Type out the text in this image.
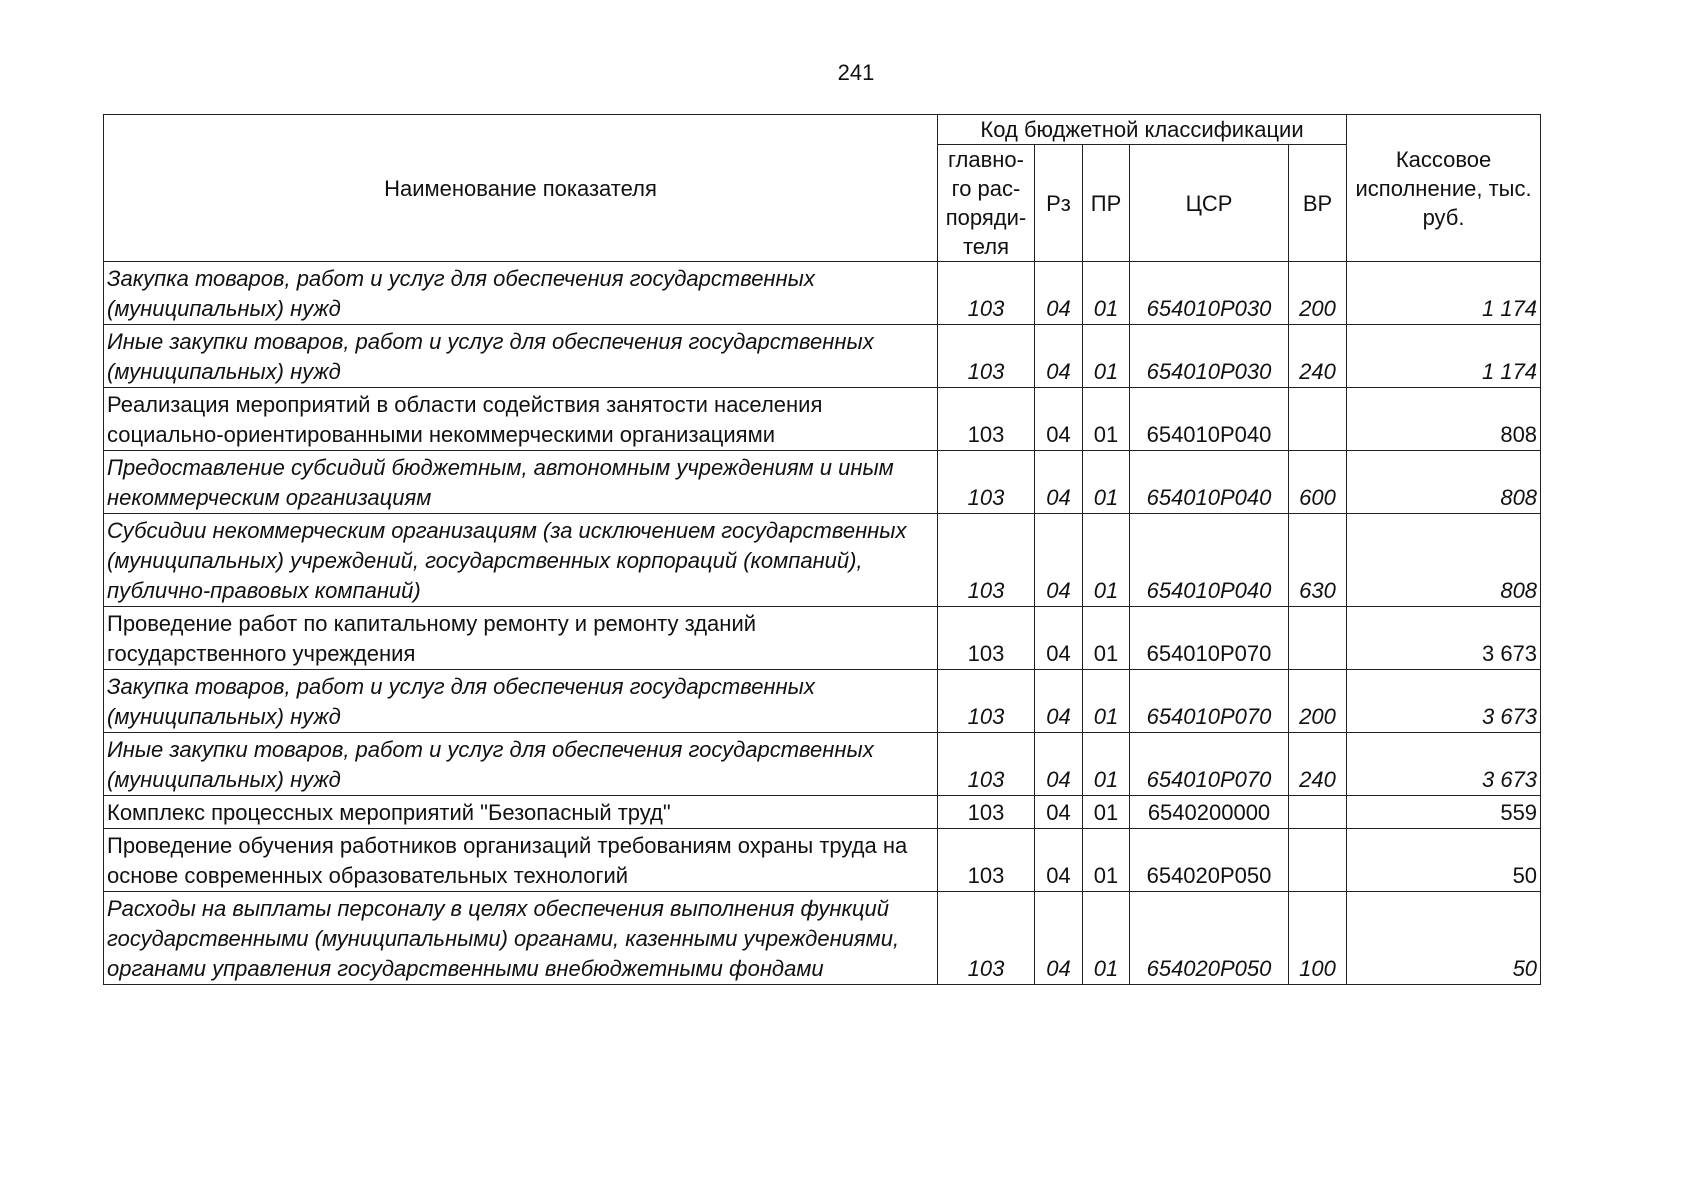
241
Наименование показателя	Код бюджетной классификации					Кассовое исполнение, тыс. руб.
	главно-
го рас-
поряди-
теля	Рз	ПР	ЦСР	ВР	
Закупка товаров, работ и услуг для обеспечения государственных (муниципальных) нужд	103	04	01	654010P030	200	1 174
Иные закупки товаров, работ и услуг для обеспечения государственных (муниципальных) нужд	103	04	01	654010P030	240	1 174
Реализация мероприятий в области содействия занятости населения социально-ориентированными некоммерческими организациями	103	04	01	654010P040		808
Предоставление субсидий бюджетным, автономным учреждениям и иным некоммерческим организациям	103	04	01	654010P040	600	808
Субсидии некоммерческим организациям (за исключением государственных (муниципальных) учреждений, государственных корпораций (компаний), публично-правовых компаний)	103	04	01	654010P040	630	808
Проведение работ по капитальному ремонту и ремонту зданий государственного учреждения	103	04	01	654010P070		3 673
Закупка товаров, работ и услуг для обеспечения государственных (муниципальных) нужд	103	04	01	654010P070	200	3 673
Иные закупки товаров, работ и услуг для обеспечения государственных (муниципальных) нужд	103	04	01	654010P070	240	3 673
Комплекс процессных мероприятий "Безопасный труд"	103	04	01	6540200000		559
Проведение обучения работников организаций требованиям охраны труда на основе современных образовательных технологий	103	04	01	654020P050		50
Расходы на выплаты персоналу в целях обеспечения выполнения функций государственными (муниципальными) органами, казенными учреждениями, органами управления государственными внебюджетными фондами	103	04	01	654020P050	100	50
